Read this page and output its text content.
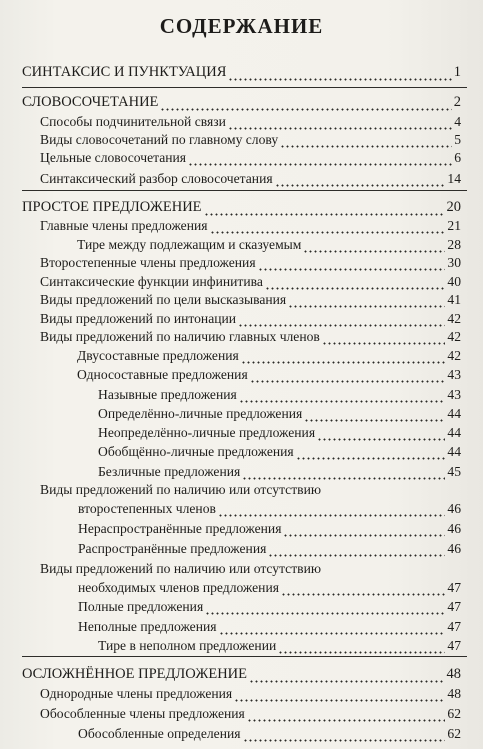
СОДЕРЖАНИЕ
СИНТАКСИС И ПУНКТУАЦИЯ	1
СЛОВОСОЧЕТАНИЕ	2
Способы подчинительной связи	4
Виды словосочетаний по главному слову	5
Цельные словосочетания	6
Синтаксический разбор словосочетания	14
ПРОСТОЕ ПРЕДЛОЖЕНИЕ	20
Главные члены предложения	21
Тире между подлежащим и сказуемым	28
Второстепенные члены предложения	30
Синтаксические функции инфинитива	40
Виды предложений по цели высказывания	41
Виды предложений по интонации	42
Виды предложений по наличию главных членов	42
Двусоставные предложения	42
Односоставные предложения	43
Назывные предложения	43
Определённо-личные предложения	44
Неопределённо-личные предложения	44
Обобщённо-личные предложения	44
Безличные предложения	45
Виды предложений по наличию или отсутствию
второстепенных членов	46
Нераспространённые предложения	46
Распространённые предложения	46
Виды предложений по наличию или отсутствию
необходимых членов предложения	47
Полные предложения	47
Неполные предложения	47
Тире в неполном предложении	47
ОСЛОЖНЁННОЕ ПРЕДЛОЖЕНИЕ	48
Однородные члены предложения	48
Обособленные члены предложения	62
Обособленные определения	62
